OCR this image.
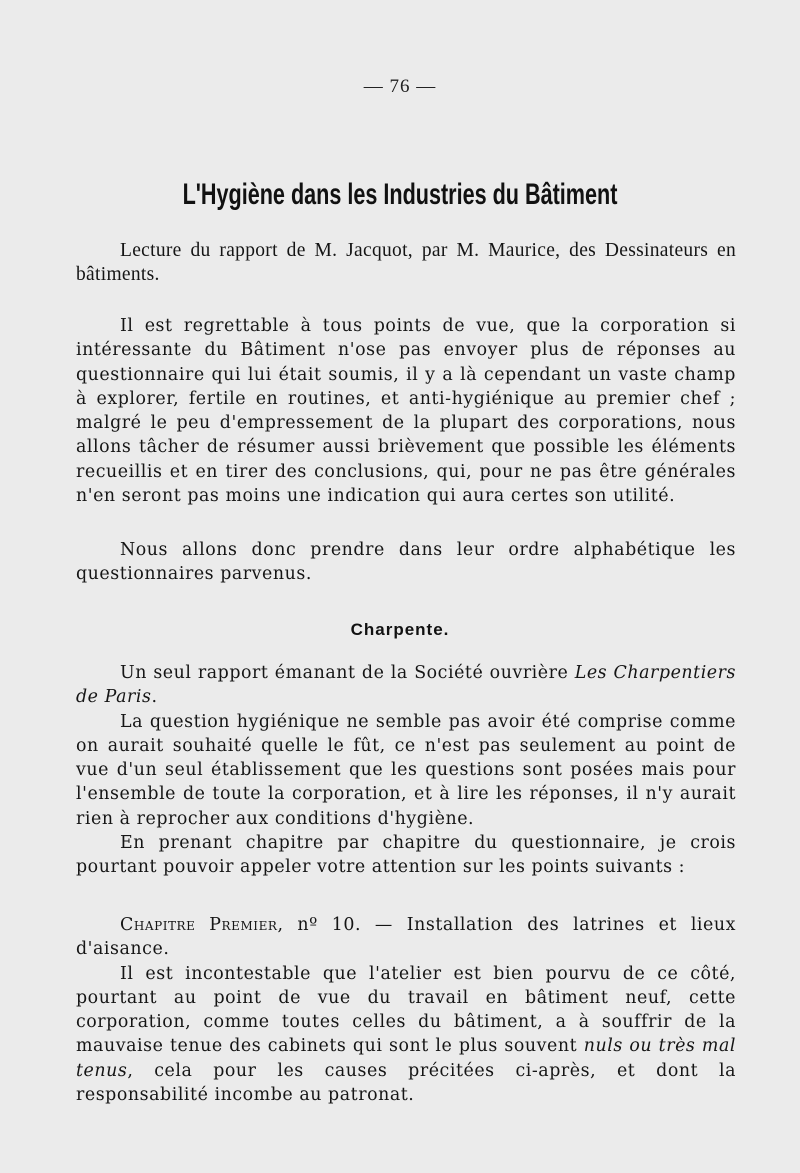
— 76 —
L'Hygiène dans les Industries du Bâtiment

Lecture du rapport de M. Jacquot, par M. Maurice, des Dessinateurs en bâtiments.

Il est regrettable à tous points de vue, que la corporation si intéressante du Bâtiment n'ose pas envoyer plus de réponses au questionnaire qui lui était soumis, il y a là cependant un vaste champ à explorer, fertile en routines, et anti-hygiénique au premier chef ; malgré le peu d'empressement de la plupart des corporations, nous allons tâcher de résumer aussi brièvement que possible les éléments recueillis et en tirer des conclusions, qui, pour ne pas être générales n'en seront pas moins une indication qui aura certes son utilité.

Nous allons donc prendre dans leur ordre alphabétique les questionnaires parvenus.

Charpente.

Un seul rapport émanant de la Société ouvrière Les Charpentiers de Paris.

La question hygiénique ne semble pas avoir été comprise comme on aurait souhaité quelle le fût, ce n'est pas seulement au point de vue d'un seul établissement que les questions sont posées mais pour l'ensemble de toute la corporation, et à lire les réponses, il n'y aurait rien à reprocher aux conditions d'hygiène.

En prenant chapitre par chapitre du questionnaire, je crois pourtant pouvoir appeler votre attention sur les points suivants :

Chapitre Premier, nº 10. — Installation des latrines et lieux d'aisance.

Il est incontestable que l'atelier est bien pourvu de ce côté, pourtant au point de vue du travail en bâtiment neuf, cette corporation, comme toutes celles du bâtiment, a à souffrir de la mauvaise tenue des cabinets qui sont le plus souvent nuls ou très mal tenus, cela pour les causes précitées ci-après, et dont la responsabilité incombe au patronat.
